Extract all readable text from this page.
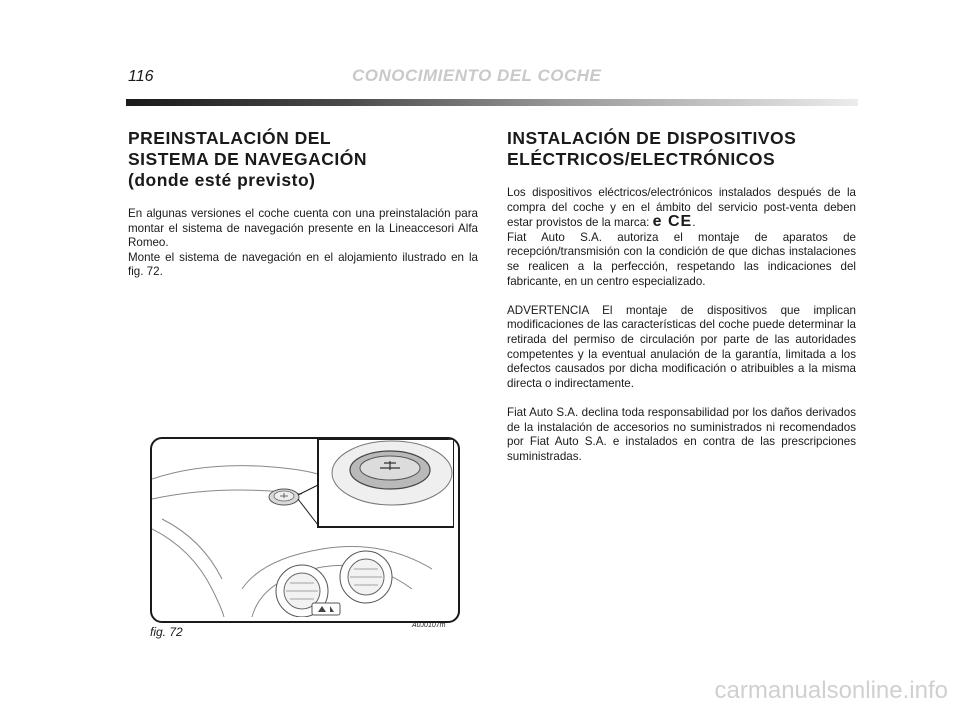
116	CONOCIMIENTO DEL COCHE
PREINSTALACIÓN DEL
SISTEMA DE NAVEGACIÓN
(donde esté previsto)

En algunas versiones el coche cuenta con una preinstalación para montar el sistema de navegación presente en la Lineaccesori Alfa Romeo.

Monte el sistema de navegación en el alojamiento ilustrado en la fig. 72.

INSTALACIÓN DE DISPOSITIVOS
ELÉCTRICOS/ELECTRÓNICOS

Los dispositivos eléctricos/electrónicos instalados después de la compra del coche y en el ámbito del servicio post-venta deben estar provistos de la marca: e CE.

Fiat Auto S.A. autoriza el montaje de aparatos de recepción/transmisión con la condición de que dichas instalaciones se realicen a la perfección, respetando las indicaciones del fabricante, en un centro especializado.

ADVERTENCIA El montaje de dispositivos que implican modificaciones de las características del coche puede determinar la retirada del permiso de circulación por parte de las autoridades competentes y la eventual anulación de la garantía, limitada a los defectos causados por dicha modificación o atribuibles a la misma directa o indirectamente.

Fiat Auto S.A. declina toda responsabilidad por los daños derivados de la instalación de accesorios no suministrados ni recomendados por Fiat Auto S.A. e instalados en contra de las prescripciones suministradas.

fig. 72	A0J0107m
carmanualsonline.info
